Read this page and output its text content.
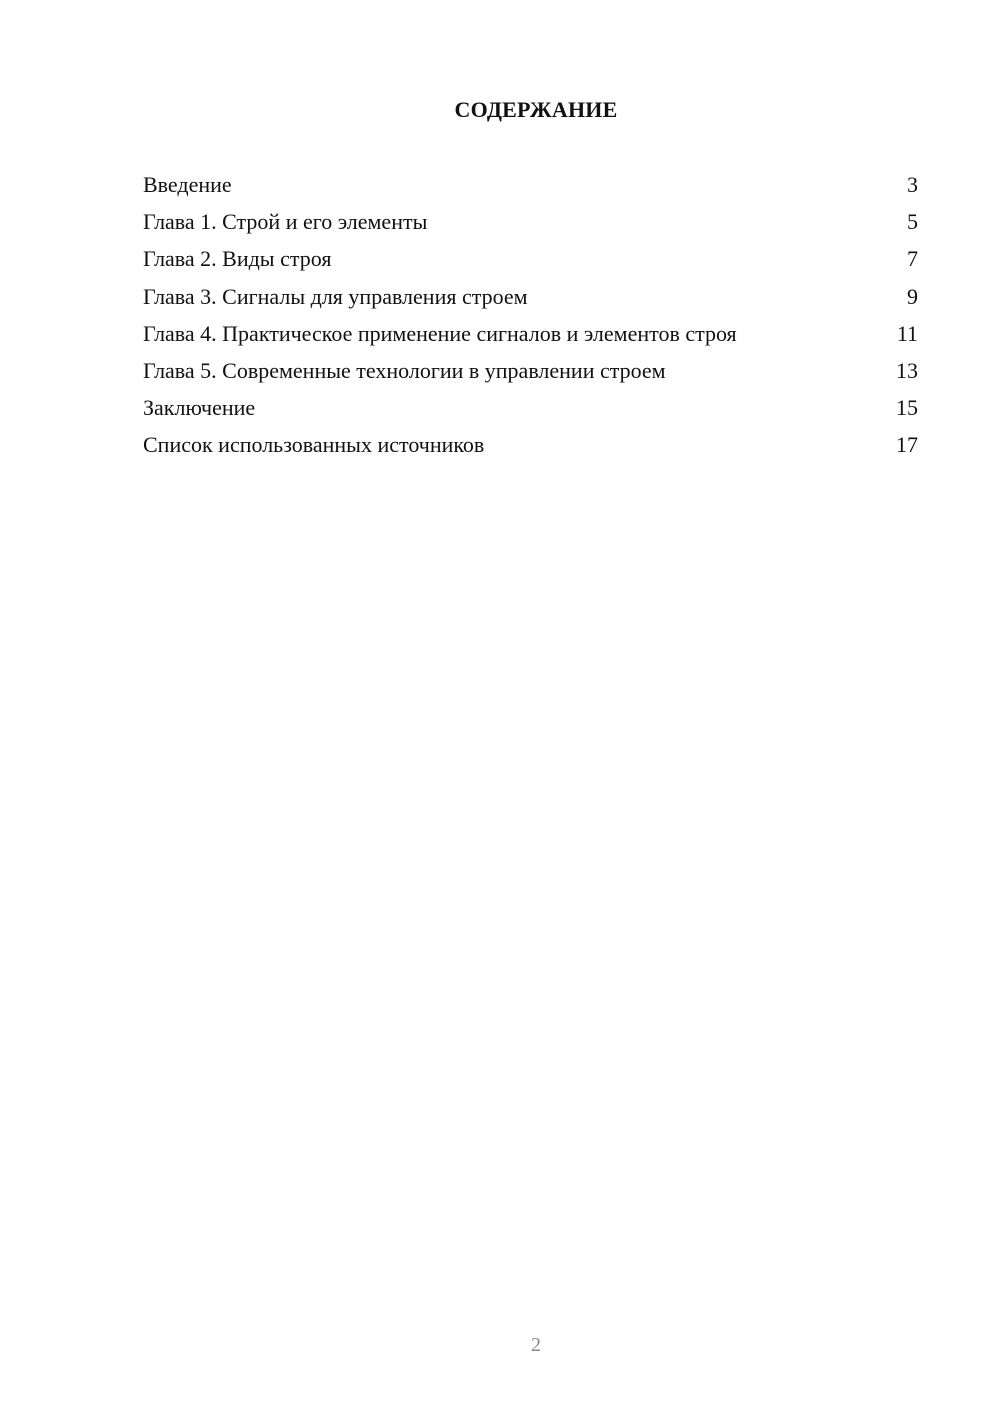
СОДЕРЖАНИЕ
Введение	3
Глава 1. Строй и его элементы	5
Глава 2. Виды строя	7
Глава 3. Сигналы для управления строем	9
Глава 4. Практическое применение сигналов и элементов строя	11
Глава 5. Современные технологии в управлении строем	13
Заключение	15
Список использованных источников	17
2
